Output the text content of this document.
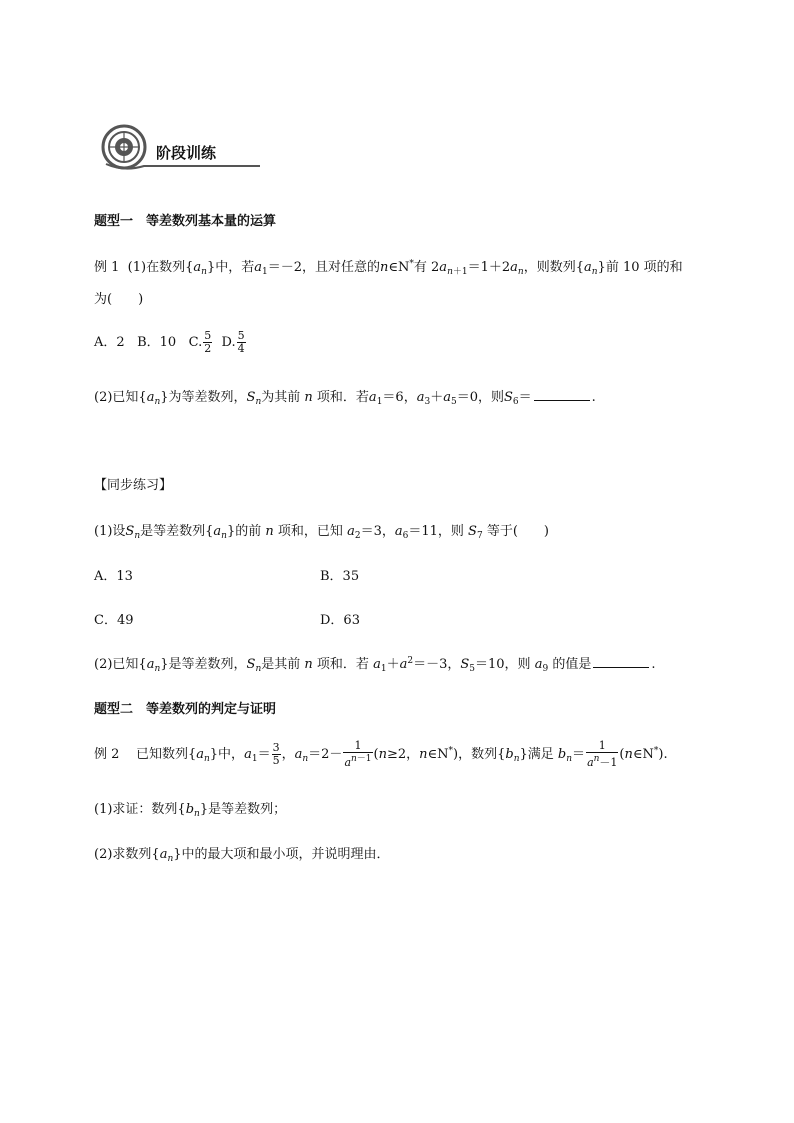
阶段训练
题型一　等差数列基本量的运算
例 1 (1)在数列$\{a_n\}$中，若$a_1=-2$，且对任意的n∈N*有 $2a_{n+1}=1+2a_n$，则数列$\{a_n\}$前 10 项的和
为(　　)
A．2 B．10 C. $\frac{5}{2} D$. $\frac{5}{4}$
(2)已知$\{a_n\}$为等差数列，$S_n$为其前 n 项和．若$a_1=6$，$a_3+a_5=0$，则$S_6=$	.
【同步练习】
(1)设$S_n$是等差数列$\{a_n\}$的前 n 项和，已知 $a_2=3$，$a_6=11$，则 $S_7$ 等于(　　)
A．13	B．35
C．49	D．63
(2)已知$\{a_n\}$是等差数列，$S_n$是其前 n 项和．若 $a_1+a^2=-3$，$S_5=10$，则 $a_9$ 的值是	.
题型二　等差数列的判定与证明
例 2 已知数列$\{a_n\}$中，$a_1= \frac{3}{5}$ ，$a_n=2- \frac{1}{a^{n-1}} (n\ge 2$，n∈N*)，数列$\{b_n\}$满足 $b_n= \frac{1}{a^n-1}$ (n∈N*).
(1)求证：数列$\{b_n\}$是等差数列；
(2)求数列$\{a_n\}$中的最大项和最小项，并说明理由．
